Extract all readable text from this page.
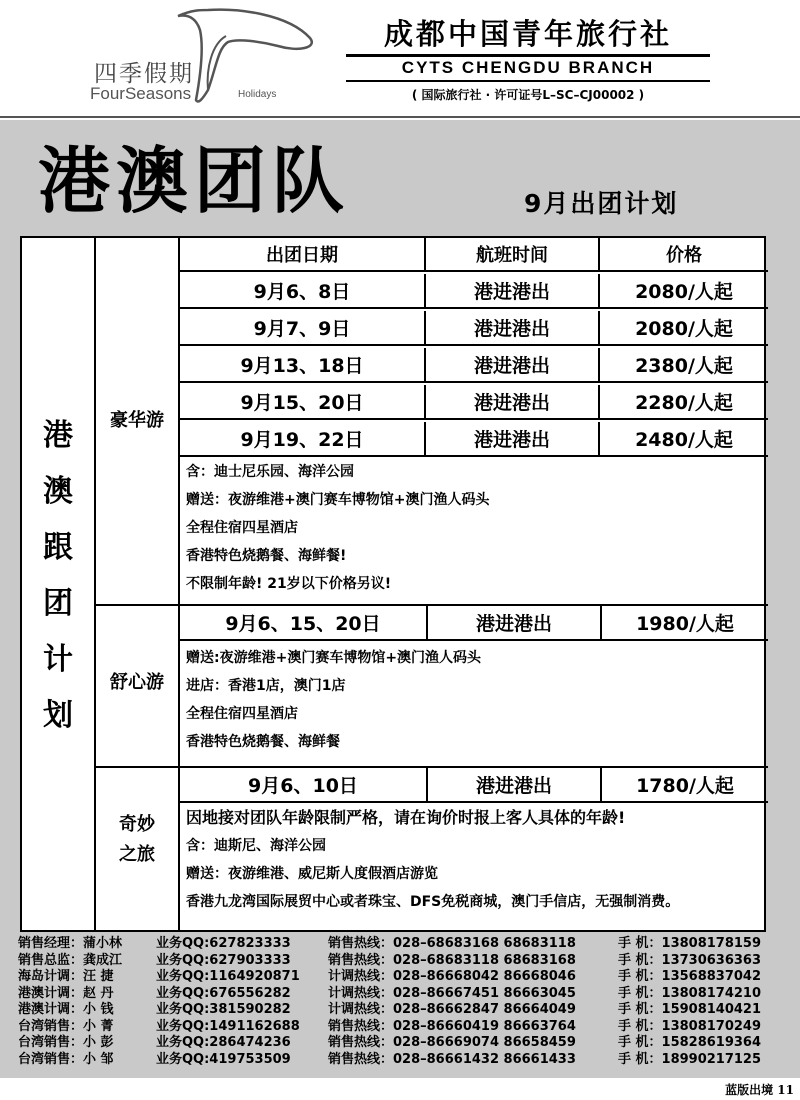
四季假期
FourSeasons	Holidays
成都中国青年旅行社
CYTS CHENGDU BRANCH
( 国际旅行社 · 许可证号L–SC–CJ00002 )
港澳团队	9月出团计划
港
澳
跟
团
计
划
豪华游
舒心游
奇妙
之旅
出团日期	航班时间	价格
9月6、8日	港进港出	2080/人起
9月7、9日	港进港出	2080/人起
9月13、18日	港进港出	2380/人起
9月15、20日	港进港出	2280/人起
9月19、22日	港进港出	2480/人起
含：迪士尼乐园、海洋公园
赠送：夜游维港+澳门赛车博物馆+澳门渔人码头
全程住宿四星酒店
香港特色烧鹅餐、海鲜餐!
不限制年龄! 21岁以下价格另议!
9月6、15、20日	港进港出	1980/人起
赠送:夜游维港+澳门赛车博物馆+澳门渔人码头
进店：香港1店，澳门1店
全程住宿四星酒店
香港特色烧鹅餐、海鲜餐
9月6、10日	港进港出	1780/人起
因地接对团队年龄限制严格，请在询价时报上客人具体的年龄!
含：迪斯尼、海洋公园
赠送：夜游维港、威尼斯人度假酒店游览
香港九龙湾国际展贸中心或者珠宝、DFS免税商城，澳门手信店，无强制消费。
销售经理：蒲小林	业务QQ:627823333	销售热线：028–68683168 68683118	手 机：13808178159
销售总监：龚成江	业务QQ:627903333	销售热线：028–68683118 68683168	手 机：13730636363
海岛计调：汪 捷	业务QQ:1164920871 计调热线：028–86668042 86668046	手 机：13568837042
港澳计调：赵 丹	业务QQ:676556282	计调热线：028–86667451 86663045	手 机：13808174210
港澳计调：小 钱	业务QQ:381590282	计调热线：028–86662847 86664049	手 机：15908140421
台湾销售：小 菁	业务QQ:1491162688 销售热线：028–86660419 86663764	手 机：13808170249
台湾销售：小 彭	业务QQ:286474236	销售热线：028–86669074 86658459	手 机：15828619364
台湾销售：小 邹	业务QQ:419753509	销售热线：028–86661432 86661433	手 机：18990217125
蓝版出境 11
